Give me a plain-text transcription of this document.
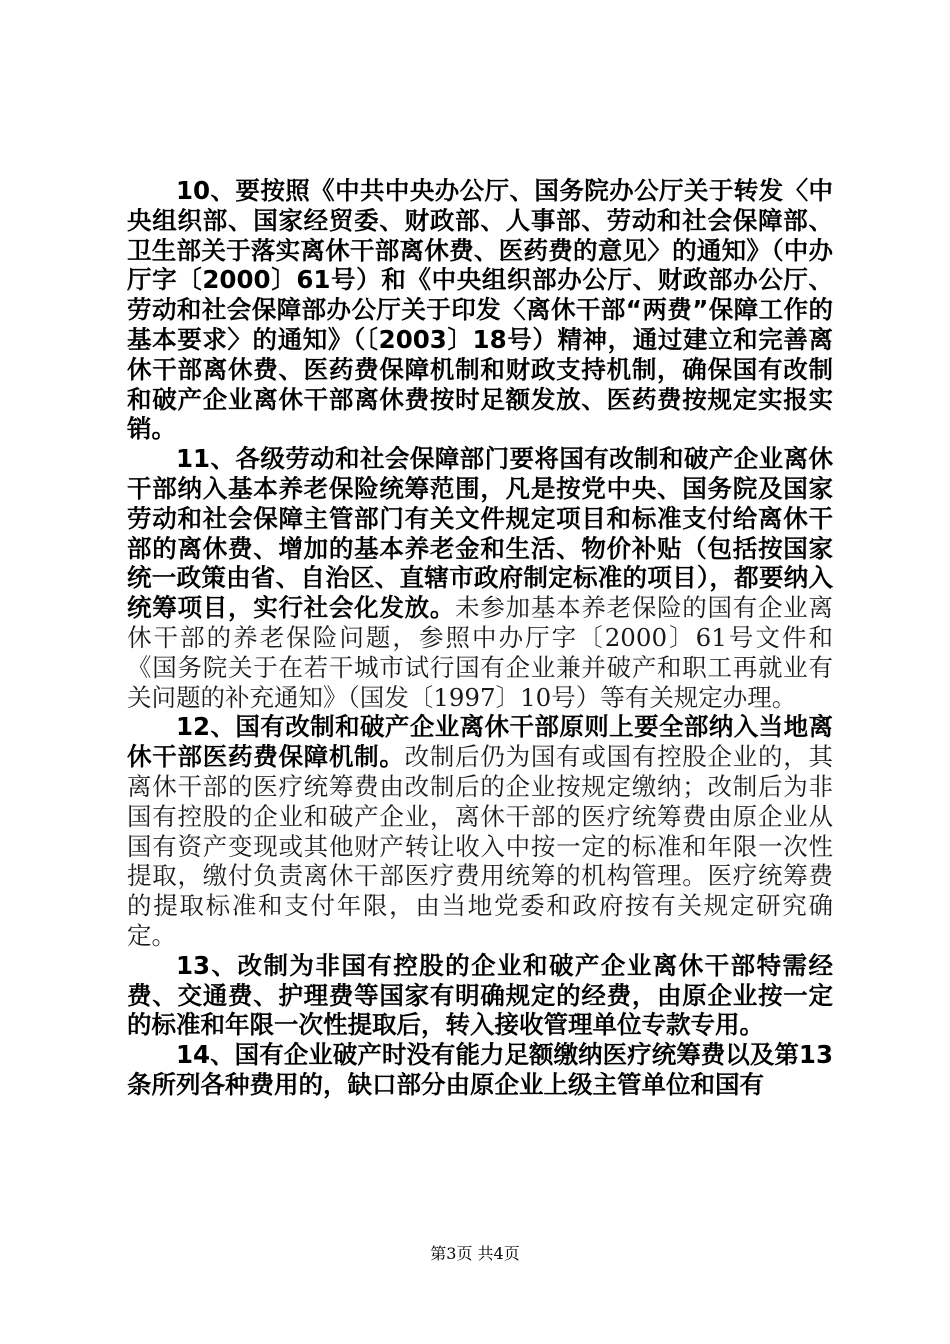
10、要按照《中共中央办公厅、国务院办公厅关于转发〈中央组织部、国家经贸委、财政部、人事部、劳动和社会保障部、卫生部关于落实离休干部离休费、医药费的意见〉的通知》（中办厅字〔2000〕61号）和《中央组织部办公厅、财政部办公厅、劳动和社会保障部办公厅关于印发〈离休干部“两费”保障工作的基本要求〉的通知》（〔2003〕18号）精神，通过建立和完善离休干部离休费、医药费保障机制和财政支持机制，确保国有改制和破产企业离休干部离休费按时足额发放、医药费按规定实报实销。

11、各级劳动和社会保障部门要将国有改制和破产企业离休干部纳入基本养老保险统筹范围，凡是按党中央、国务院及国家劳动和社会保障主管部门有关文件规定项目和标准支付给离休干部的离休费、增加的基本养老金和生活、物价补贴（包括按国家统一政策由省、自治区、直辖市政府制定标准的项目），都要纳入统筹项目，实行社会化发放。未参加基本养老保险的国有企业离休干部的养老保险问题，参照中办厅字〔2000〕61号文件和《国务院关于在若干城市试行国有企业兼并破产和职工再就业有关问题的补充通知》（国发〔1997〕10号）等有关规定办理。

12、国有改制和破产企业离休干部原则上要全部纳入当地离休干部医药费保障机制。改制后仍为国有或国有控股企业的，其离休干部的医疗统筹费由改制后的企业按规定缴纳；改制后为非国有控股的企业和破产企业，离休干部的医疗统筹费由原企业从国有资产变现或其他财产转让收入中按一定的标准和年限一次性提取，缴付负责离休干部医疗费用统筹的机构管理。医疗统筹费的提取标准和支付年限，由当地党委和政府按有关规定研究确定。

13、改制为非国有控股的企业和破产企业离休干部特需经费、交通费、护理费等国家有明确规定的经费，由原企业按一定的标准和年限一次性提取后，转入接收管理单位专款专用。

14、国有企业破产时没有能力足额缴纳医疗统筹费以及第13条所列各种费用的，缺口部分由原企业上级主管单位和国有

第3页 共4页
